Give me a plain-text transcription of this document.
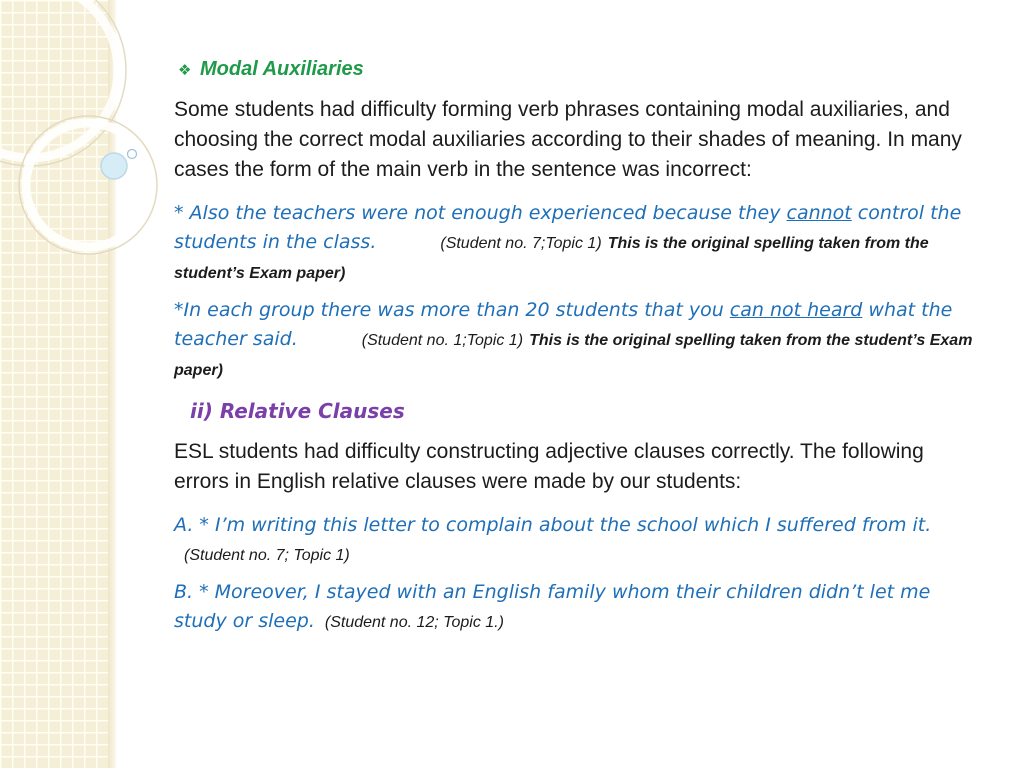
❖ Modal Auxiliaries

Some students had difficulty forming verb phrases containing modal auxiliaries, and choosing the correct modal auxiliaries according to their shades of meaning. In many cases the form of the main verb in the sentence was incorrect:

* Also the teachers were not enough experienced because they cannot control the students in the class.	(Student no. 7;Topic 1) This is the original spelling taken from the student’s Exam paper)

*In each group there was more than 20 students that you can not heard what the teacher said.	(Student no. 1;Topic 1) This is the original spelling taken from the student’s Exam paper)

ii) Relative Clauses

ESL students had difficulty constructing adjective clauses correctly. The following errors in English relative clauses were made by our students:

A. * I’m writing this letter to complain about the school which I suffered from it.(Student no. 7; Topic 1)

B. * Moreover, I stayed with an English family whom their children didn’t let me study or sleep. (Student no. 12; Topic 1.)
